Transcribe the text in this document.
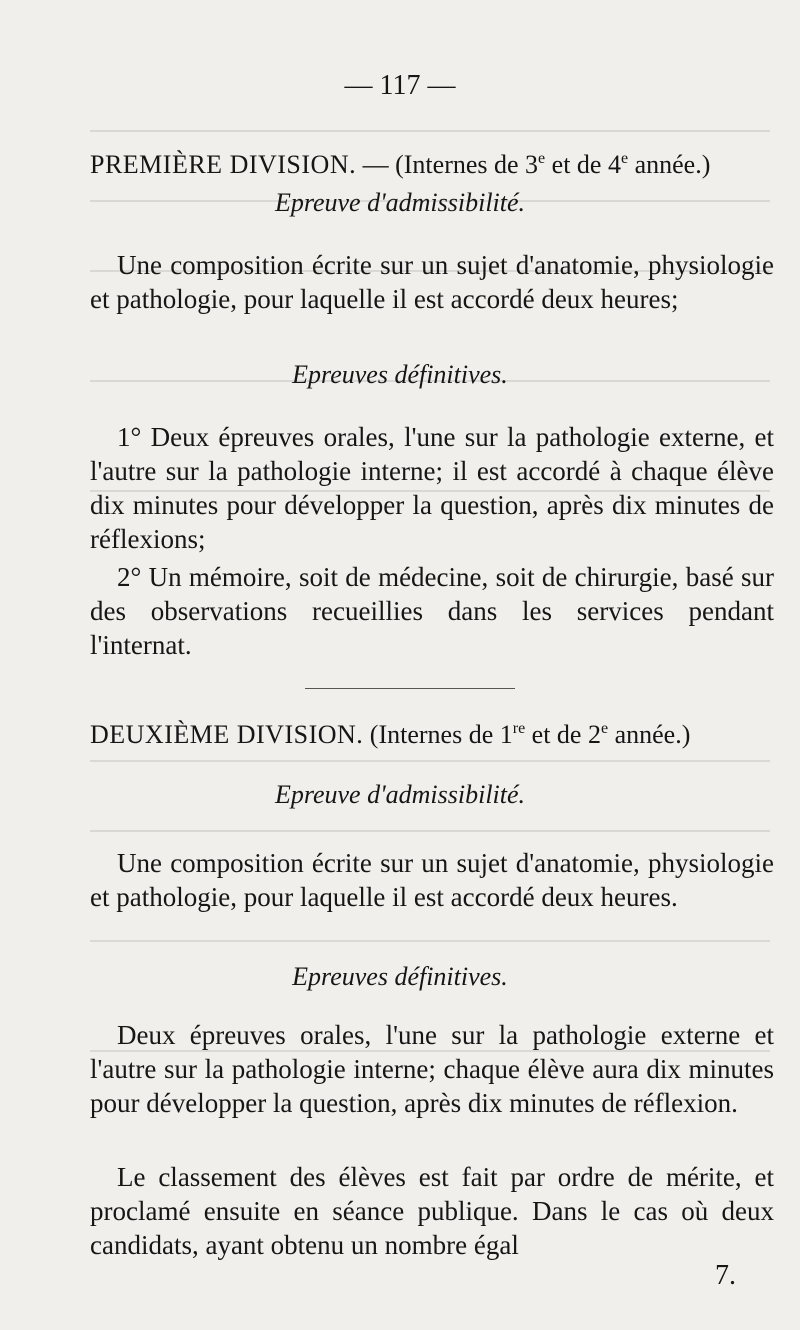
— 117 —
PREMIÈRE DIVISION. — (Internes de 3e et de 4e année.)
Epreuve d'admissibilité.
Une composition écrite sur un sujet d'anatomie, physiologie et pathologie, pour laquelle il est accordé deux heures;
Epreuves définitives.
1° Deux épreuves orales, l'une sur la pathologie externe, et l'autre sur la pathologie interne; il est accordé à chaque élève dix minutes pour développer la question, après dix minutes de réflexions;
2° Un mémoire, soit de médecine, soit de chirurgie, basé sur des observations recueillies dans les services pendant l'internat.
DEUXIÈME DIVISION. (Internes de 1re et de 2e année.)
Epreuve d'admissibilité.
Une composition écrite sur un sujet d'anatomie, physiologie et pathologie, pour laquelle il est accordé deux heures.
Epreuves définitives.
Deux épreuves orales, l'une sur la pathologie externe et l'autre sur la pathologie interne; chaque élève aura dix minutes pour développer la question, après dix minutes de réflexion.
Le classement des élèves est fait par ordre de mérite, et proclamé ensuite en séance publique. Dans le cas où deux candidats, ayant obtenu un nombre égal
7.
